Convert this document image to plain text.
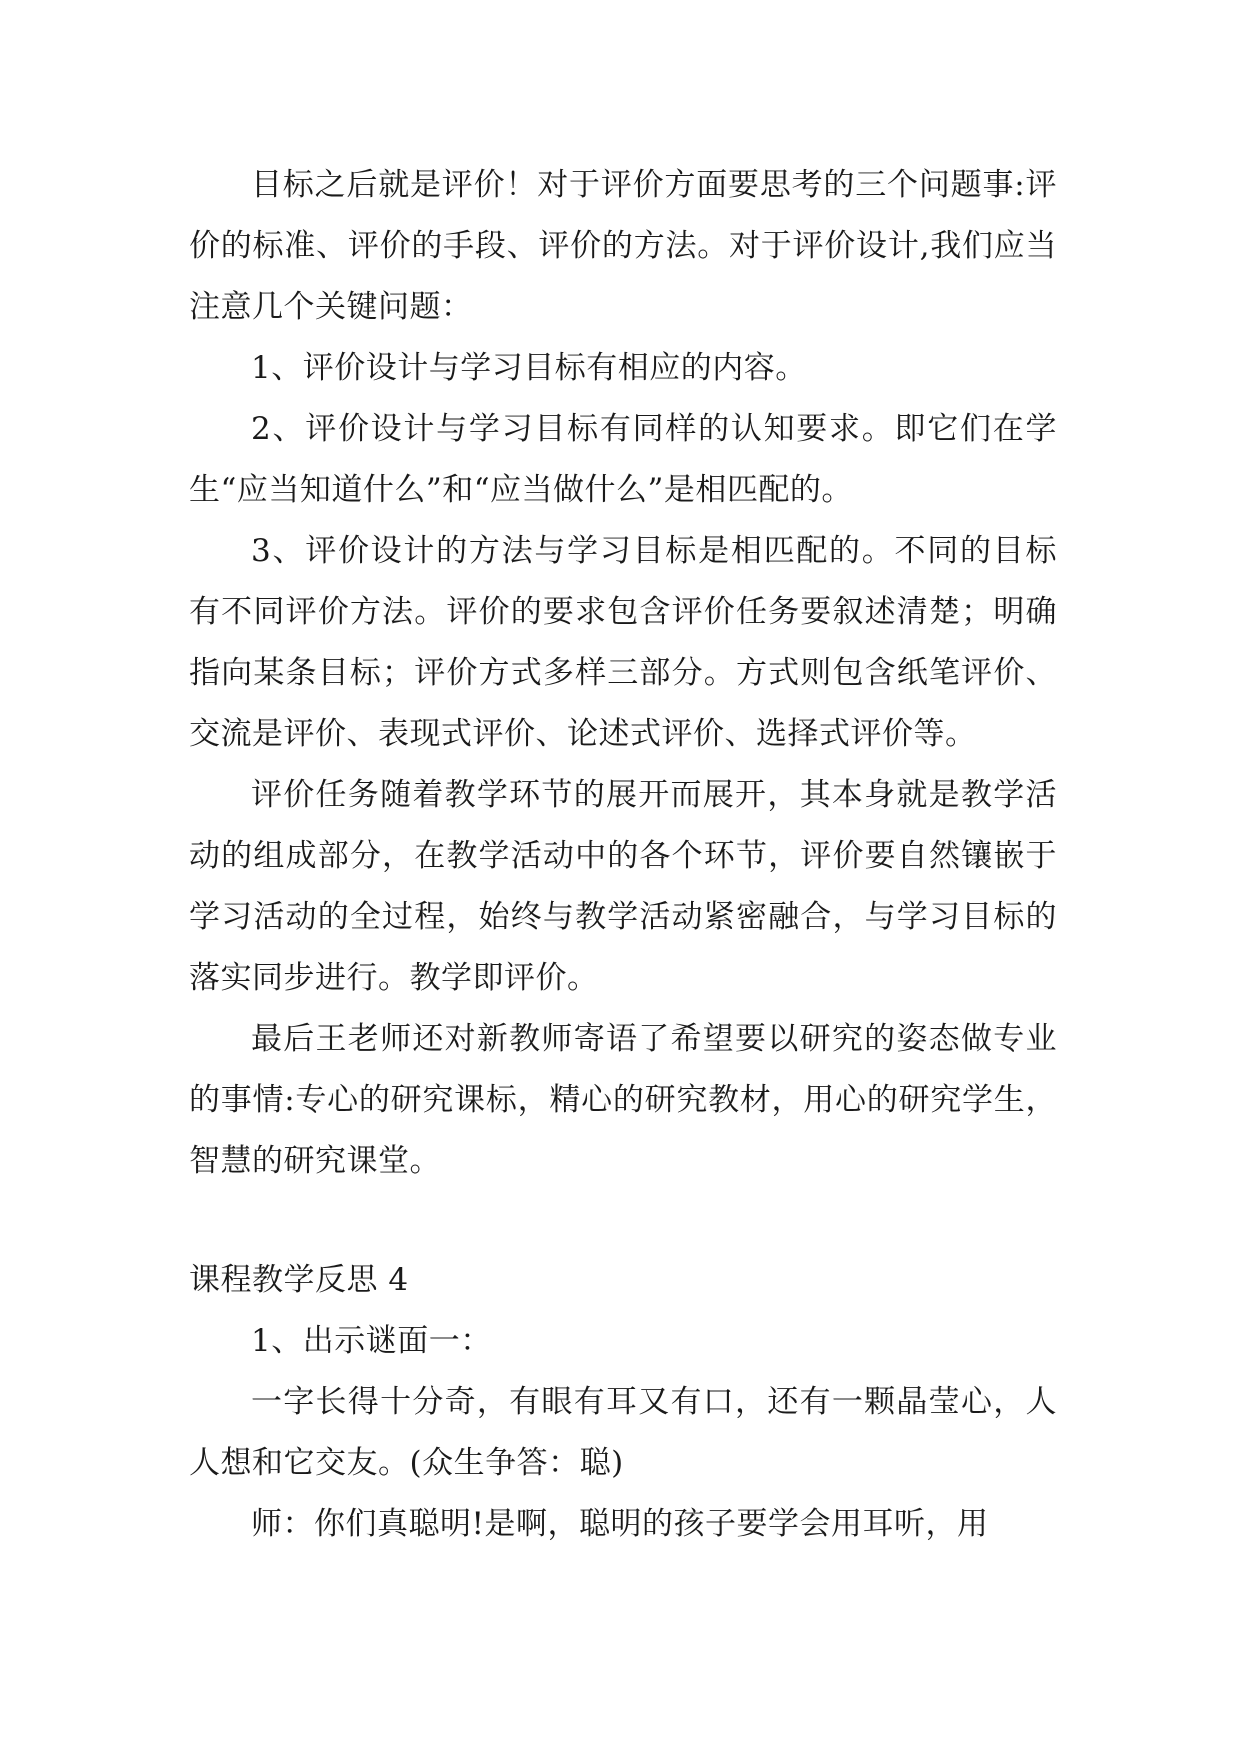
目标之后就是评价！对于评价方面要思考的三个问题事:评价的标准、评价的手段、评价的方法。对于评价设计,我们应当注意几个关键问题：

1、评价设计与学习目标有相应的内容。

2、评价设计与学习目标有同样的认知要求。即它们在学生“应当知道什么”和“应当做什么”是相匹配的。

3、评价设计的方法与学习目标是相匹配的。不同的目标有不同评价方法。评价的要求包含评价任务要叙述清楚；明确指向某条目标；评价方式多样三部分。方式则包含纸笔评价、交流是评价、表现式评价、论述式评价、选择式评价等。

评价任务随着教学环节的展开而展开，其本身就是教学活动的组成部分，在教学活动中的各个环节，评价要自然镶嵌于学习活动的全过程，始终与教学活动紧密融合，与学习目标的落实同步进行。教学即评价。

最后王老师还对新教师寄语了希望要以研究的姿态做专业的事情:专心的研究课标，精心的研究教材，用心的研究学生，智慧的研究课堂。

课程教学反思 4

1、出示谜面一：

一字长得十分奇，有眼有耳又有口，还有一颗晶莹心，人人想和它交友。(众生争答：聪)

师：你们真聪明!是啊，聪明的孩子要学会用耳听，用
